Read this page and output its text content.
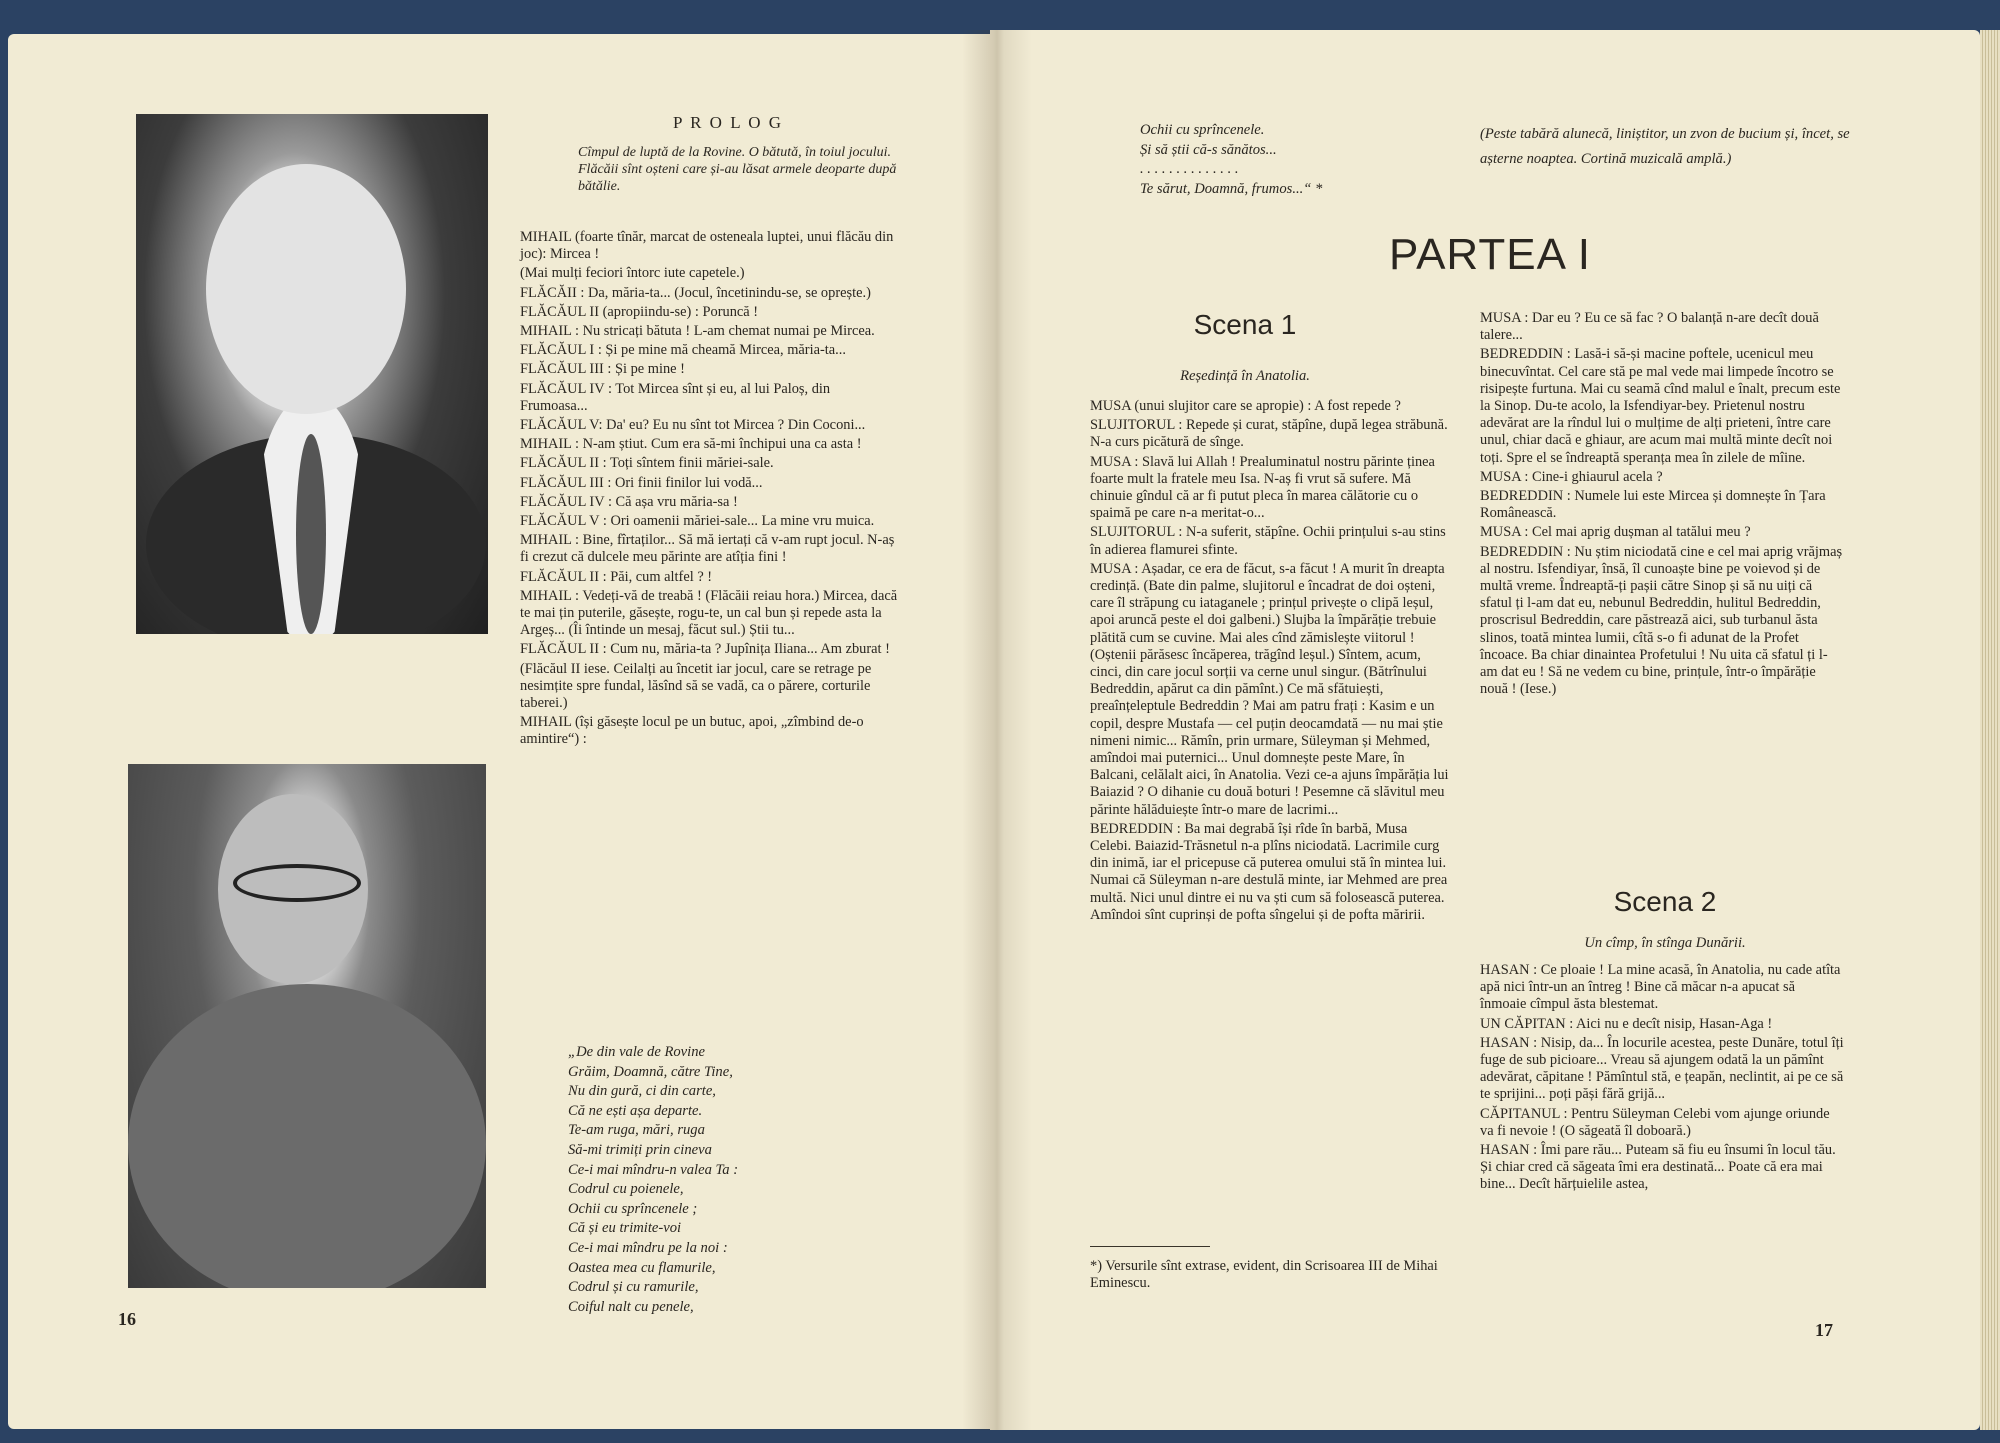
P R O L O G
Cîmpul de luptă de la Rovine. O bătută, în toiul jocului. Flăcăii sînt oșteni care și-au lăsat armele deoparte după bătălie.

MIHAIL (foarte tînăr, marcat de osteneala luptei, unui flăcău din joc): Mircea !

(Mai mulți feciori întorc iute capetele.)

FLĂCĂII : Da, măria-ta... (Jocul, încetinindu-se, se oprește.)

FLĂCĂUL II (apropiindu-se) : Poruncă !

MIHAIL : Nu stricați bătuta ! L-am chemat numai pe Mircea.

FLĂCĂUL I : Și pe mine mă cheamă Mircea, măria-ta...

FLĂCĂUL III : Și pe mine !

FLĂCĂUL IV : Tot Mircea sînt și eu, al lui Paloș, din Frumoasa...

FLĂCĂUL V: Da' eu? Eu nu sînt tot Mircea ? Din Coconi...

MIHAIL : N-am știut. Cum era să-mi închipui una ca asta !

FLĂCĂUL II : Toți sîntem finii măriei-sale.

FLĂCĂUL III : Ori finii finilor lui vodă...

FLĂCĂUL IV : Că așa vru măria-sa !

FLĂCĂUL V : Ori oamenii măriei-sale... La mine vru muica.

MIHAIL : Bine, fîrtaților... Să mă iertați că v-am rupt jocul. N-aș fi crezut că dulcele meu părinte are atîția fini !

FLĂCĂUL II : Păi, cum altfel ? !

MIHAIL : Vedeți-vă de treabă ! (Flăcăii reiau hora.) Mircea, dacă te mai țin puterile, găsește, rogu-te, un cal bun și repede asta la Argeș... (Îi întinde un mesaj, făcut sul.) Știi tu...

FLĂCĂUL II : Cum nu, măria-ta ? Jupînița Iliana... Am zburat !

(Flăcăul II iese. Ceilalți au încetit iar jocul, care se retrage pe nesimțite spre fundal, lăsînd să se vadă, ca o părere, corturile taberei.)

MIHAIL (își găsește locul pe un butuc, apoi, „zîmbind de-o amintire“) :

„De din vale de Rovine

Grăim, Doamnă, către Tine,

Nu din gură, ci din carte,

Că ne ești așa departe.

Te-am ruga, mări, ruga

Să-mi trimiți prin cineva

Ce-i mai mîndru-n valea Ta :

Codrul cu poienele,

Ochii cu sprîncenele ;

Că și eu trimite-voi

Ce-i mai mîndru pe la noi :

Oastea mea cu flamurile,

Codrul și cu ramurile,

Coiful nalt cu penele,

16

Ochii cu sprîncenele.

Și să știi că-s sănătos...

. . . . . . . . . . . . . .

Te sărut, Doamnă, frumos...“ *

(Peste tabără alunecă, liniștitor, un zvon de bucium și, încet, se așterne noaptea. Cortină muzicală amplă.)
PARTEA I
Scena 1
Reședință în Anatolia.

MUSA (unui slujitor care se apropie) : A fost repede ?

SLUJITORUL : Repede și curat, stăpîne, după legea străbună. N-a curs picătură de sînge.

MUSA : Slavă lui Allah ! Prealuminatul nostru părinte ținea foarte mult la fratele meu Isa. N-aș fi vrut să sufere. Mă chinuie gîndul că ar fi putut pleca în marea călătorie cu o spaimă pe care n-a meritat-o...

SLUJITORUL : N-a suferit, stăpîne. Ochii prințului s-au stins în adierea flamurei sfinte.

MUSA : Așadar, ce era de făcut, s-a făcut ! A murit în dreapta credință. (Bate din palme, slujitorul e încadrat de doi oșteni, care îl străpung cu iataganele ; prințul privește o clipă leșul, apoi aruncă peste el doi galbeni.) Slujba la împărăție trebuie plătită cum se cuvine. Mai ales cînd zămislește viitorul ! (Oștenii părăsesc încăperea, trăgînd leșul.) Sîntem, acum, cinci, din care jocul sorții va cerne unul singur. (Bătrînului Bedreddin, apărut ca din pămînt.) Ce mă sfătuiești, preaînțeleptule Bedreddin ? Mai am patru frați : Kasim e un copil, despre Mustafa — cel puțin deocamdată — nu mai știe nimeni nimic... Rămîn, prin urmare, Süleyman și Mehmed, amîndoi mai puternici... Unul domnește peste Mare, în Balcani, celălalt aici, în Anatolia. Vezi ce-a ajuns împărăția lui Baiazid ? O dihanie cu două boturi ! Pesemne că slăvitul meu părinte hălăduiește într-o mare de lacrimi...

BEDREDDIN : Ba mai degrabă își rîde în barbă, Musa Celebi. Baiazid-Trăsnetul n-a plîns niciodată. Lacrimile curg din inimă, iar el pricepuse că puterea omului stă în mintea lui. Numai că Süleyman n-are destulă minte, iar Mehmed are prea multă. Nici unul dintre ei nu va ști cum să folosească puterea. Amîndoi sînt cuprinși de pofta sîngelui și de pofta măririi.

*) Versurile sînt extrase, evident, din Scrisoarea III de Mihai Eminescu.

MUSA : Dar eu ? Eu ce să fac ? O balanță n-are decît două talere...

BEDREDDIN : Lasă-i să-și macine poftele, ucenicul meu binecuvîntat. Cel care stă pe mal vede mai limpede încotro se risipește furtuna. Mai cu seamă cînd malul e înalt, precum este la Sinop. Du-te acolo, la Isfendiyar-bey. Prietenul nostru adevărat are la rîndul lui o mulțime de alți prieteni, între care unul, chiar dacă e ghiaur, are acum mai multă minte decît noi toți. Spre el se îndreaptă speranța mea în zilele de mîine.

MUSA : Cine-i ghiaurul acela ?

BEDREDDIN : Numele lui este Mircea și domnește în Țara Românească.

MUSA : Cel mai aprig dușman al tatălui meu ?

BEDREDDIN : Nu știm niciodată cine e cel mai aprig vrăjmaș al nostru. Isfendiyar, însă, îl cunoaște bine pe voievod și de multă vreme. Îndreaptă-ți pașii către Sinop și să nu uiți că sfatul ți l-am dat eu, nebunul Bedreddin, hulitul Bedreddin, proscrisul Bedreddin, care păstrează aici, sub turbanul ăsta slinos, toată mintea lumii, cîtă s-o fi adunat de la Profet încoace. Ba chiar dinaintea Profetului ! Nu uita că sfatul ți l-am dat eu ! Să ne vedem cu bine, prințule, într-o împărăție nouă ! (Iese.)

Scena 2
Un cîmp, în stînga Dunării.

HASAN : Ce ploaie ! La mine acasă, în Anatolia, nu cade atîta apă nici într-un an întreg ! Bine că măcar n-a apucat să înmoaie cîmpul ăsta blestemat.

UN CĂPITAN : Aici nu e decît nisip, Hasan-Aga !

HASAN : Nisip, da... În locurile acestea, peste Dunăre, totul îți fuge de sub picioare... Vreau să ajungem odată la un pămînt adevărat, căpitane ! Pămîntul stă, e țeapăn, neclintit, ai pe ce să te sprijini... poți păși fără grijă...

CĂPITANUL : Pentru Süleyman Celebi vom ajunge oriunde va fi nevoie ! (O săgeată îl doboară.)

HASAN : Îmi pare rău... Puteam să fiu eu însumi în locul tău. Și chiar cred că săgeata îmi era destinată... Poate că era mai bine... Decît hărțuielile astea,

17
